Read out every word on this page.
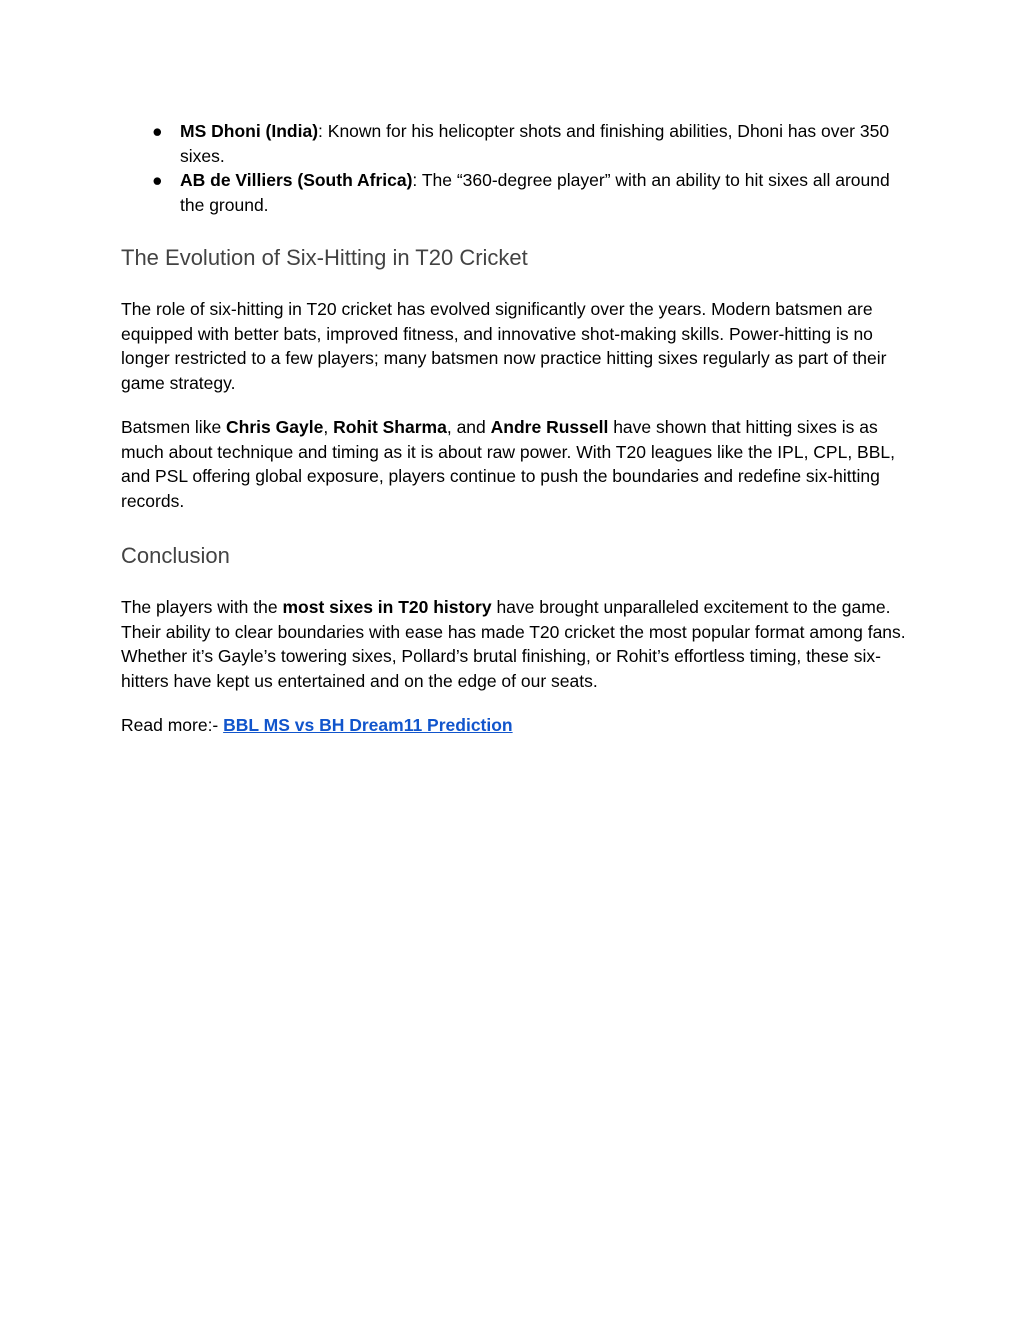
● MS Dhoni (India): Known for his helicopter shots and finishing abilities, Dhoni has over 350 sixes.
● AB de Villiers (South Africa): The “360-degree player” with an ability to hit sixes all around the ground.
The Evolution of Six-Hitting in T20 Cricket

The role of six-hitting in T20 cricket has evolved significantly over the years. Modern batsmen are equipped with better bats, improved fitness, and innovative shot-making skills. Power-hitting is no longer restricted to a few players; many batsmen now practice hitting sixes regularly as part of their game strategy.

Batsmen like Chris Gayle, Rohit Sharma, and Andre Russell have shown that hitting sixes is as much about technique and timing as it is about raw power. With T20 leagues like the IPL, CPL, BBL, and PSL offering global exposure, players continue to push the boundaries and redefine six-hitting records.

Conclusion

The players with the most sixes in T20 history have brought unparalleled excitement to the game. Their ability to clear boundaries with ease has made T20 cricket the most popular format among fans. Whether it’s Gayle’s towering sixes, Pollard’s brutal finishing, or Rohit’s effortless timing, these six-hitters have kept us entertained and on the edge of our seats.

Read more:- BBL MS vs BH Dream11 Prediction
